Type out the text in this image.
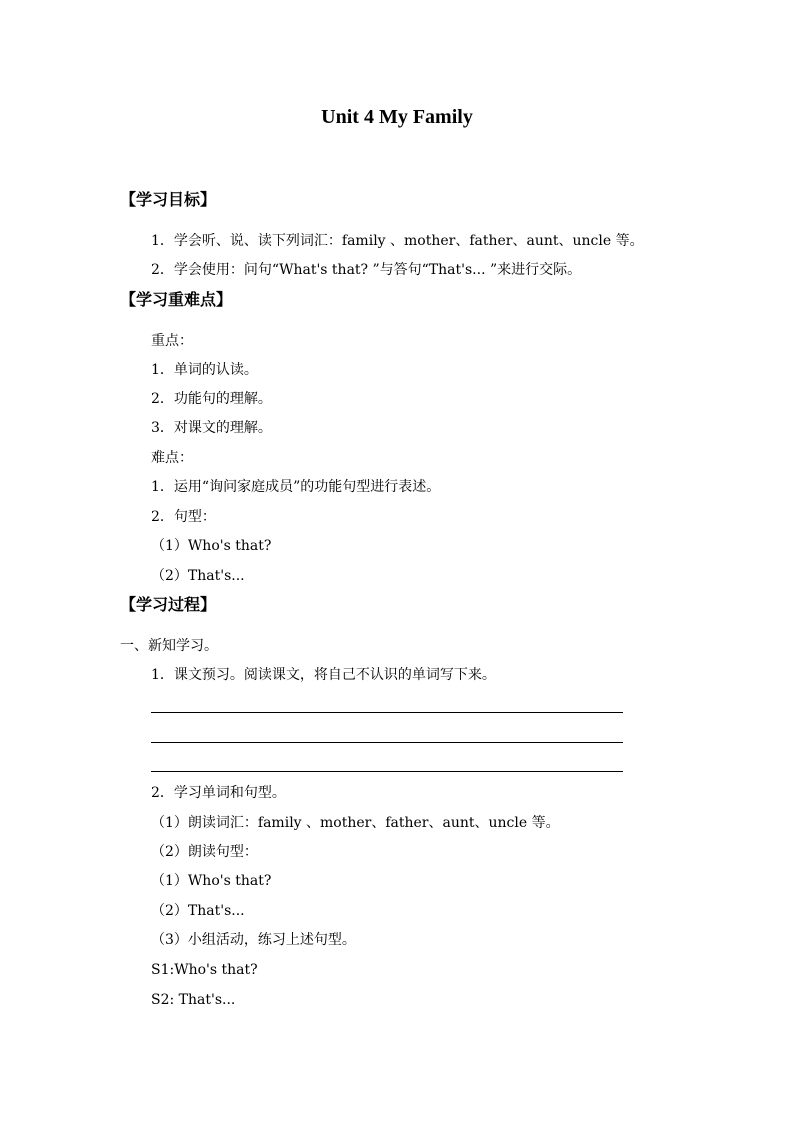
Unit 4 My Family
【学习目标】
1．学会听、说、读下列词汇：family 、mother、father、aunt、uncle 等。
2．学会使用：问句“What's that? ”与答句“That's... ”来进行交际。
【学习重难点】
重点：
1．单词的认读。
2．功能句的理解。
3．对课文的理解。
难点：
1．运用“询问家庭成员”的功能句型进行表述。
2．句型：
（1）Who's that?
（2）That's...
【学习过程】
一、新知学习。
1．课文预习。阅读课文，将自己不认识的单词写下来。
2．学习单词和句型。
（1）朗读词汇：family 、mother、father、aunt、uncle 等。
（2）朗读句型：
（1）Who's that?
（2）That's...
（3）小组活动，练习上述句型。
S1:Who's that?
S2: That's...
